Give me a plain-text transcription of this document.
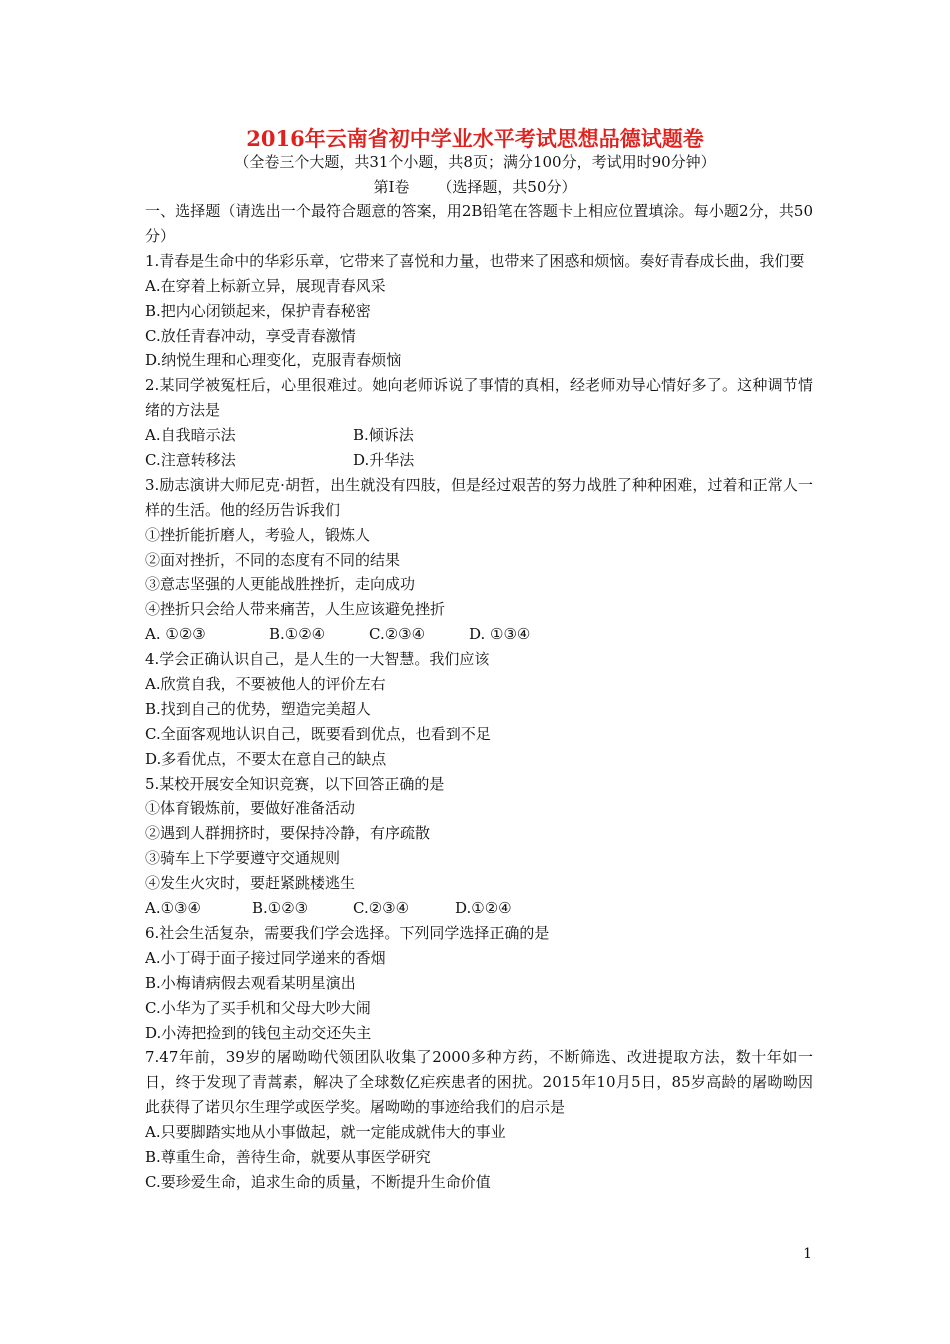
2016年云南省初中学业水平考试思想品德试题卷
（全卷三个大题，共31个小题，共8页；满分100分，考试用时90分钟）
第Ⅰ卷 （选择题，共50分）
一、选择题（请选出一个最符合题意的答案，用2B铅笔在答题卡上相应位置填涂。每小题2分，共50分）
1.青春是生命中的华彩乐章，它带来了喜悦和力量，也带来了困惑和烦恼。奏好青春成长曲，我们要
A.在穿着上标新立异，展现青春风采
B.把内心闭锁起来，保护青春秘密
C.放任青春冲动，享受青春激情
D.纳悦生理和心理变化，克服青春烦恼
2.某同学被冤枉后，心里很难过。她向老师诉说了事情的真相，经老师劝导心情好多了。这种调节情绪的方法是
A.自我暗示法	B.倾诉法
C.注意转移法	D.升华法
3.励志演讲大师尼克·胡哲，出生就没有四肢，但是经过艰苦的努力战胜了种种困难，过着和正常人一样的生活。他的经历告诉我们
①挫折能折磨人，考验人，锻炼人
②面对挫折，不同的态度有不同的结果
③意志坚强的人更能战胜挫折，走向成功
④挫折只会给人带来痛苦，人生应该避免挫折
A. ①②③	B.①②④	C.②③④	D. ①③④
4.学会正确认识自己，是人生的一大智慧。我们应该
A.欣赏自我，不要被他人的评价左右
B.找到自己的优势，塑造完美超人
C.全面客观地认识自己，既要看到优点，也看到不足
D.多看优点，不要太在意自己的缺点
5.某校开展安全知识竞赛，以下回答正确的是
①体育锻炼前，要做好准备活动
②遇到人群拥挤时，要保持冷静，有序疏散
③骑车上下学要遵守交通规则
④发生火灾时，要赶紧跳楼逃生
A.①③④	B.①②③	C.②③④	D.①②④
6.社会生活复杂，需要我们学会选择。下列同学选择正确的是
A.小丁碍于面子接过同学递来的香烟
B.小梅请病假去观看某明星演出
C.小华为了买手机和父母大吵大闹
D.小涛把捡到的钱包主动交还失主
7.47年前，39岁的屠呦呦代领团队收集了2000多种方药，不断筛选、改进提取方法，数十年如一日，终于发现了青蒿素，解决了全球数亿疟疾患者的困扰。2015年10月5日，85岁高龄的屠呦呦因此获得了诺贝尔生理学或医学奖。屠呦呦的事迹给我们的启示是
A.只要脚踏实地从小事做起，就一定能成就伟大的事业
B.尊重生命，善待生命，就要从事医学研究
C.要珍爱生命，追求生命的质量，不断提升生命价值
1
